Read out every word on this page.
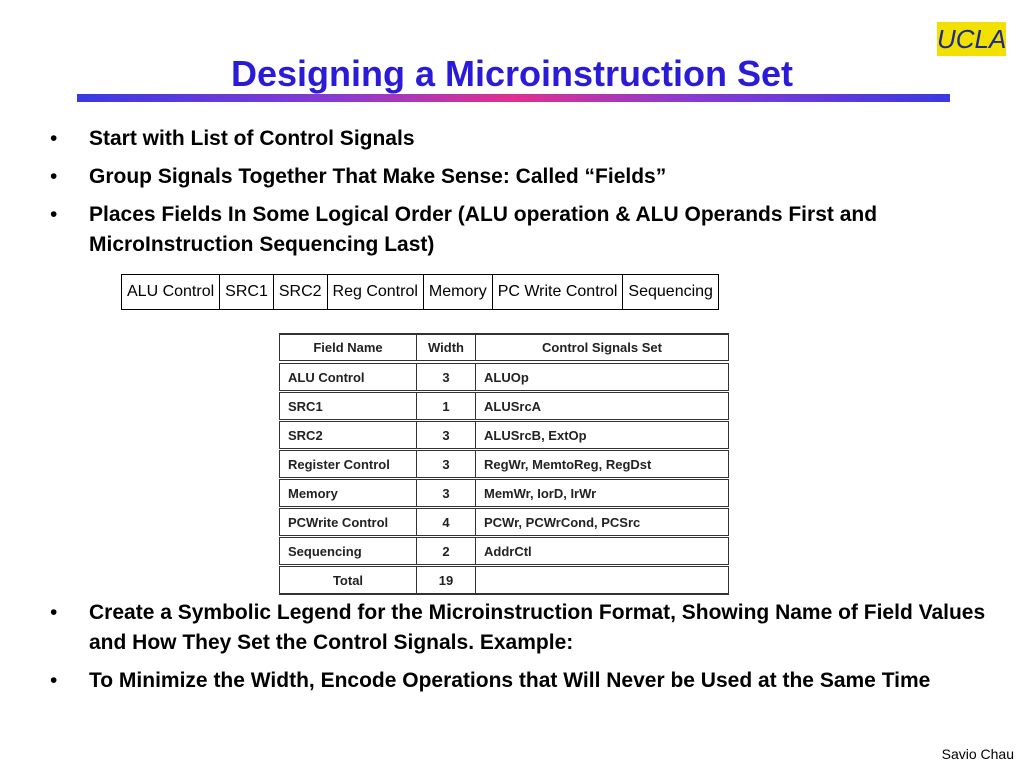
UCLA
Designing a Microinstruction Set
• Start with List of Control Signals
• Group Signals Together That Make Sense: Called “Fields”
• Places Fields In Some Logical Order (ALU operation & ALU Operands First and MicroInstruction Sequencing Last)
ALU Control	SRC1	SRC2	Reg Control	Memory	PC Write Control	Sequencing
Field Name	Width	Control Signals Set
ALU Control	3	ALUOp
SRC1	1	ALUSrcA
SRC2	3	ALUSrcB, ExtOp
Register Control	3	RegWr, MemtoReg, RegDst
Memory	3	MemWr, IorD, IrWr
PCWrite Control	4	PCWr, PCWrCond, PCSrc
Sequencing	2	AddrCtl
Total	19	
• Create a Symbolic Legend for the Microinstruction Format, Showing Name of Field Values and How They Set the Control Signals. Example:
• To Minimize the Width, Encode Operations that Will Never be Used at the Same Time
Savio Chau
